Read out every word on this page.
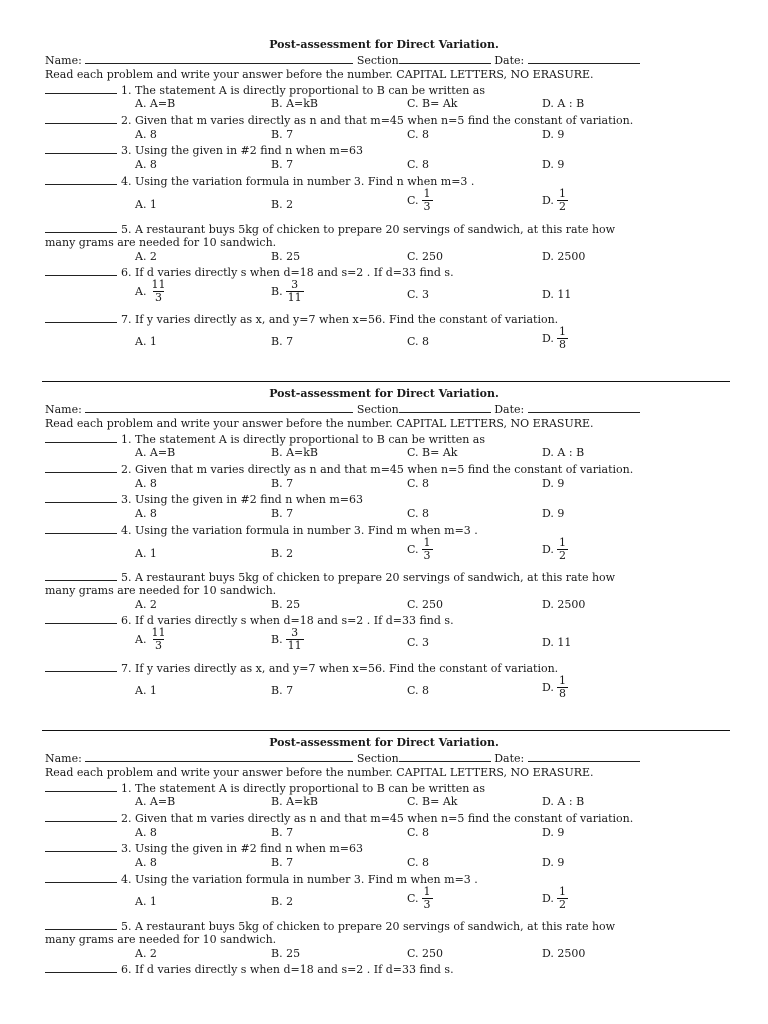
Post-assessment for Direct Variation.
Name:	Section	Date:
Read each problem and write your answer before the number. CAPITAL LETTERS, NO ERASURE.
1. The statement A is directly proportional to B can be written as
A. A=B	B. A=kB	C. B= Ak	D. A : B
2. Given that m varies directly as n and that m=45 when n=5 find the constant of variation.
A. 8	B. 7	C. 8	D. 9
3. Using the given in #2 find n when m=63
A. 8	B. 7	C. 8	D. 9
4. Using the variation formula in number 3. Find n when m=3 .
A. 1	B. 2	C. $\frac{1}{3}$	D. $\frac{1}{2}$
5. A restaurant buys 5kg of chicken to prepare 20 servings of sandwich, at this rate how
many grams are needed for 10 sandwich.
A. 2	B. 25	C. 250	D. 2500
6. If d varies directly s when d=18 and s=2 . If d=33 find s.
A. $\frac{11}{3}$	B. $\frac{3}{11}$	C. 3	D. 11
7. If y varies directly as x, and y=7 when x=56. Find the constant of variation.
A. 1	B. 7	C. 8	D. $\frac{1}{8}$
Post-assessment for Direct Variation.
Name:	Section	Date:
Read each problem and write your answer before the number. CAPITAL LETTERS, NO ERASURE.
1. The statement A is directly proportional to B can be written as
A. A=B	B. A=kB	C. B= Ak	D. A : B
2. Given that m varies directly as n and that m=45 when n=5 find the constant of variation.
A. 8	B. 7	C. 8	D. 9
3. Using the given in #2 find n when m=63
A. 8	B. 7	C. 8	D. 9
4. Using the variation formula in number 3. Find m when m=3 .
A. 1	B. 2	C. $\frac{1}{3}$	D. $\frac{1}{2}$
5. A restaurant buys 5kg of chicken to prepare 20 servings of sandwich, at this rate how
many grams are needed for 10 sandwich.
A. 2	B. 25	C. 250	D. 2500
6. If d varies directly s when d=18 and s=2 . If d=33 find s.
A. $\frac{11}{3}$	B. $\frac{3}{11}$	C. 3	D. 11
7. If y varies directly as x, and y=7 when x=56. Find the constant of variation.
A. 1	B. 7	C. 8	D. $\frac{1}{8}$
Post-assessment for Direct Variation.
Name:	Section	Date:
Read each problem and write your answer before the number. CAPITAL LETTERS, NO ERASURE.
1. The statement A is directly proportional to B can be written as
A. A=B	B. A=kB	C. B= Ak	D. A : B
2. Given that m varies directly as n and that m=45 when n=5 find the constant of variation.
A. 8	B. 7	C. 8	D. 9
3. Using the given in #2 find n when m=63
A. 8	B. 7	C. 8	D. 9
4. Using the variation formula in number 3. Find m when m=3 .
A. 1	B. 2	C. $\frac{1}{3}$	D. $\frac{1}{2}$
5. A restaurant buys 5kg of chicken to prepare 20 servings of sandwich, at this rate how
many grams are needed for 10 sandwich.
A. 2	B. 25	C. 250	D. 2500
6. If d varies directly s when d=18 and s=2 . If d=33 find s.
